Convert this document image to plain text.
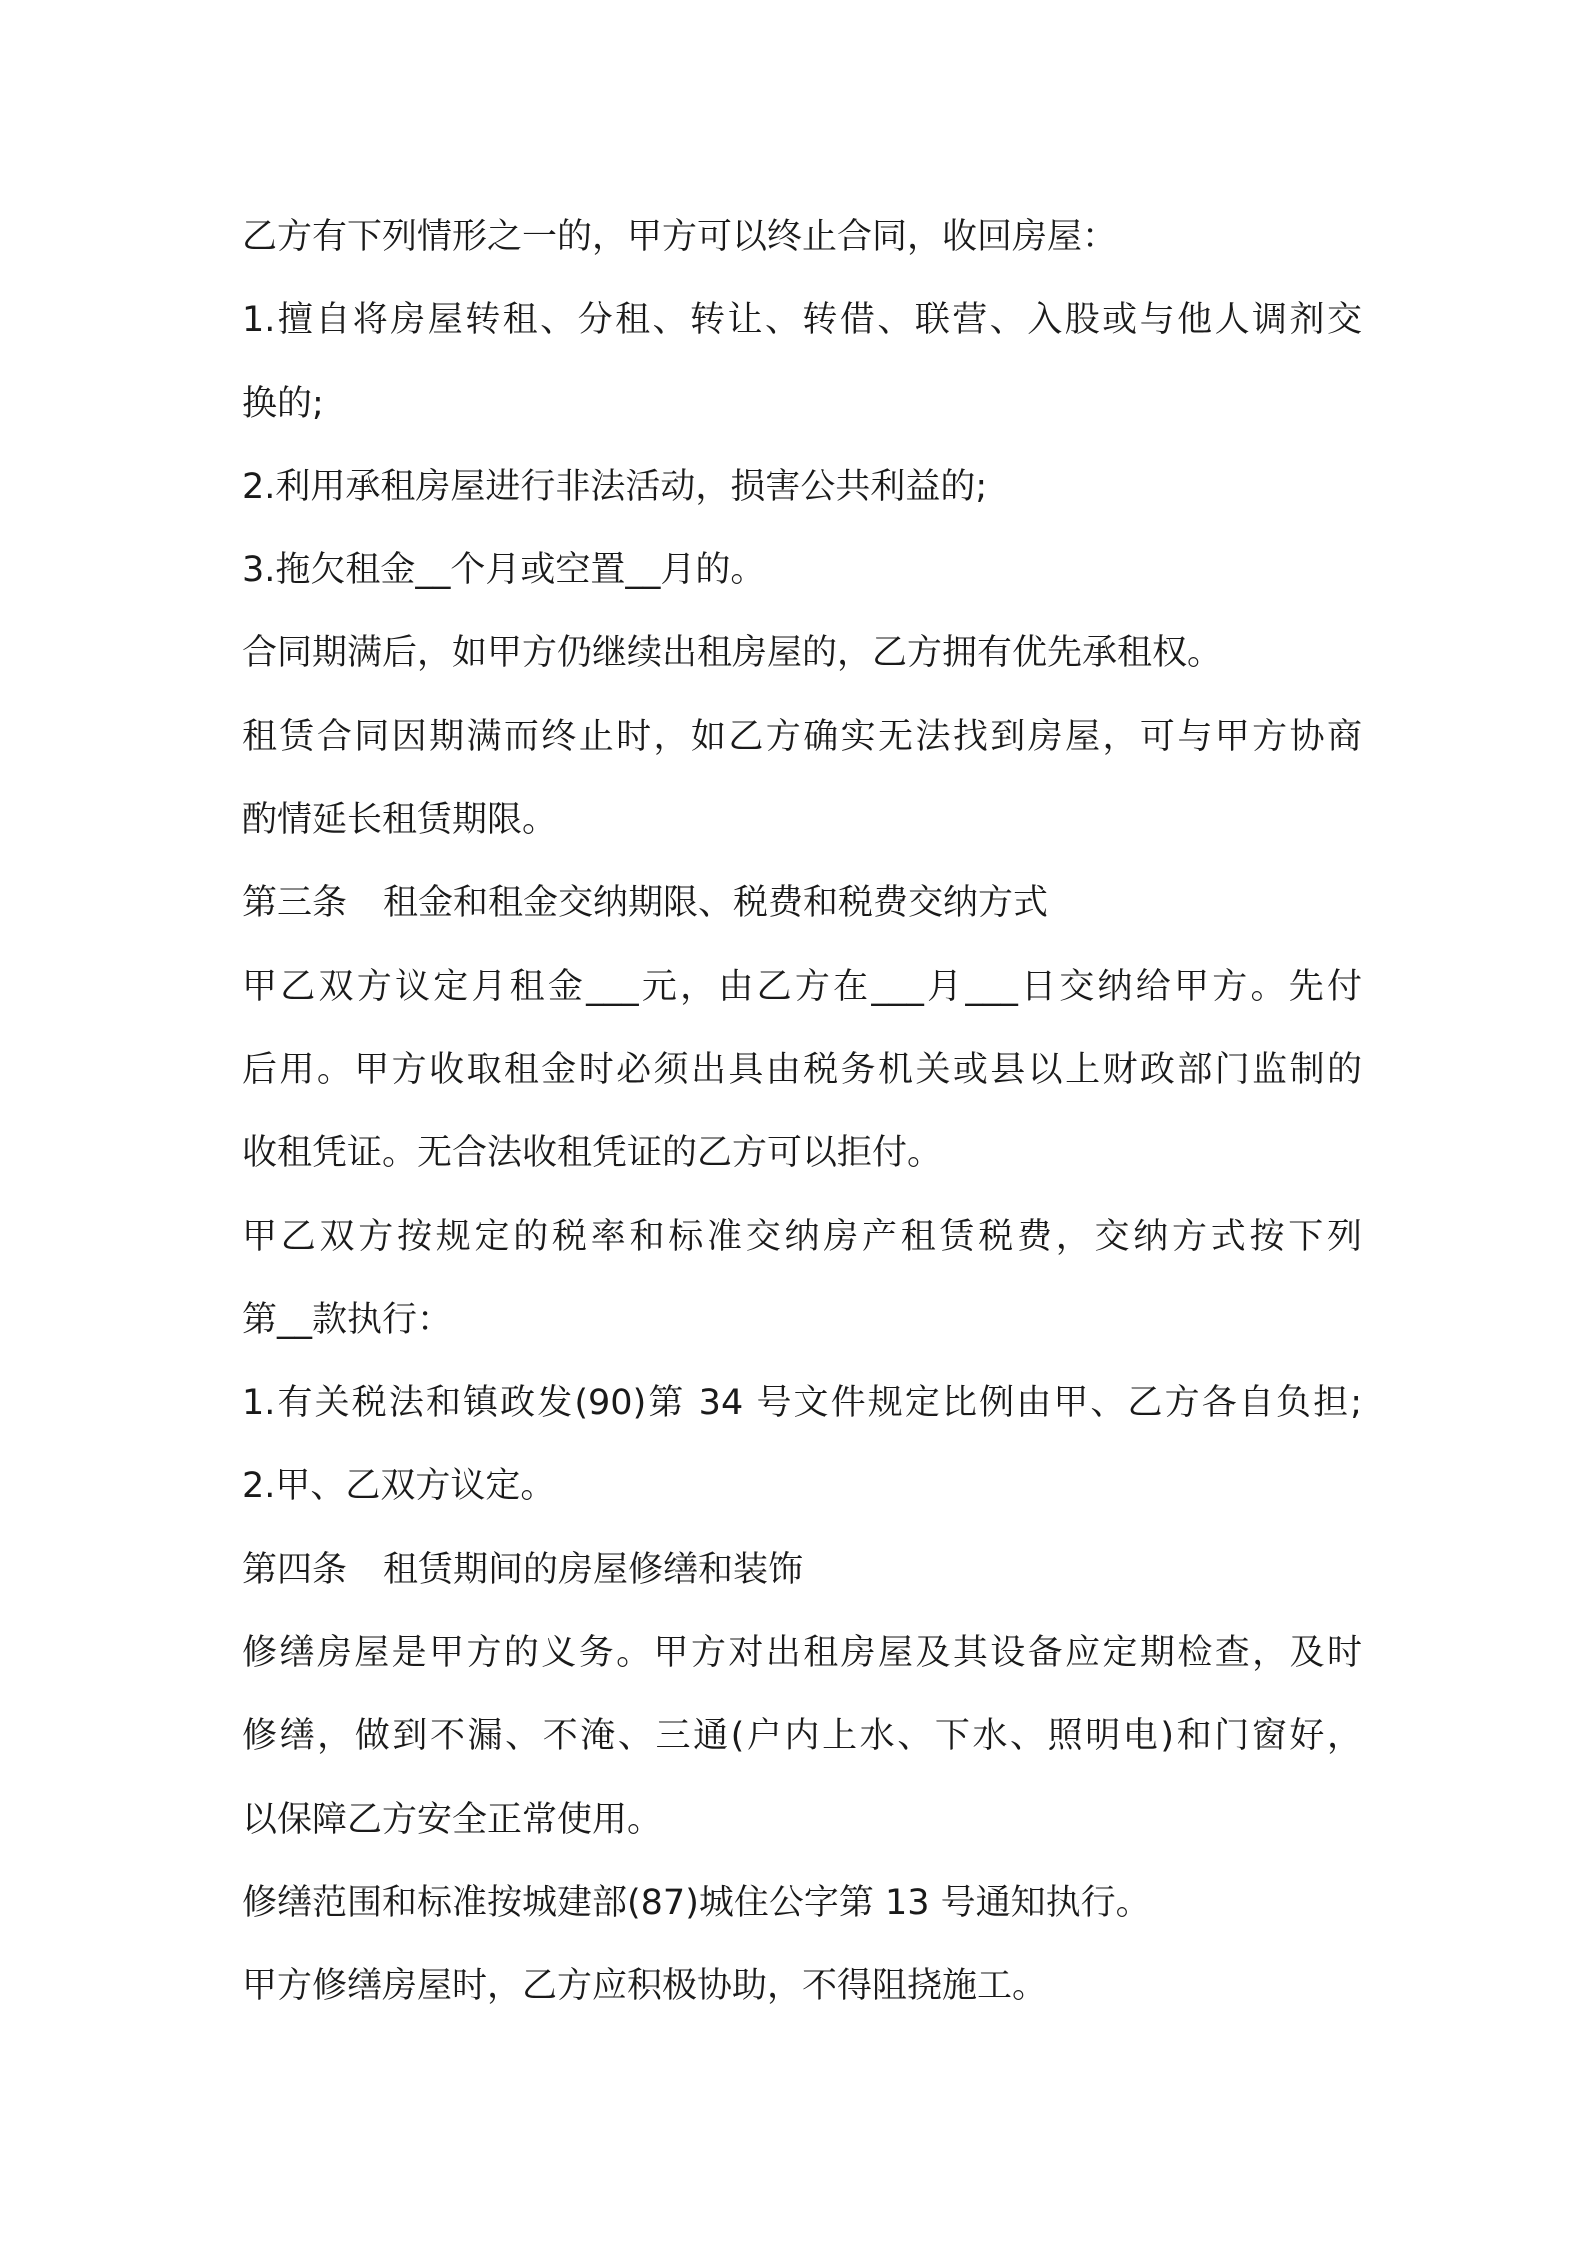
乙方有下列情形之一的，甲方可以终止合同，收回房屋：

1.擅自将房屋转租、分租、转让、转借、联营、入股或与他人调剂交

换的;

2.利用承租房屋进行非法活动，损害公共利益的;

3.拖欠租金__个月或空置__月的。

合同期满后，如甲方仍继续出租房屋的，乙方拥有优先承租权。

租赁合同因期满而终止时，如乙方确实无法找到房屋，可与甲方协商

酌情延长租赁期限。

第三条 租金和租金交纳期限、税费和税费交纳方式

甲乙双方议定月租金___元，由乙方在___月___日交纳给甲方。先付

后用。甲方收取租金时必须出具由税务机关或县以上财政部门监制的

收租凭证。无合法收租凭证的乙方可以拒付。

甲乙双方按规定的税率和标准交纳房产租赁税费，交纳方式按下列

第__款执行：

1.有关税法和镇政发(90)第 34 号文件规定比例由甲、乙方各自负担;

2.甲、乙双方议定。

第四条 租赁期间的房屋修缮和装饰

修缮房屋是甲方的义务。甲方对出租房屋及其设备应定期检查，及时

修缮，做到不漏、不淹、三通(户内上水、下水、照明电)和门窗好，

以保障乙方安全正常使用。

修缮范围和标准按城建部(87)城住公字第 13 号通知执行。

甲方修缮房屋时，乙方应积极协助，不得阻挠施工。
